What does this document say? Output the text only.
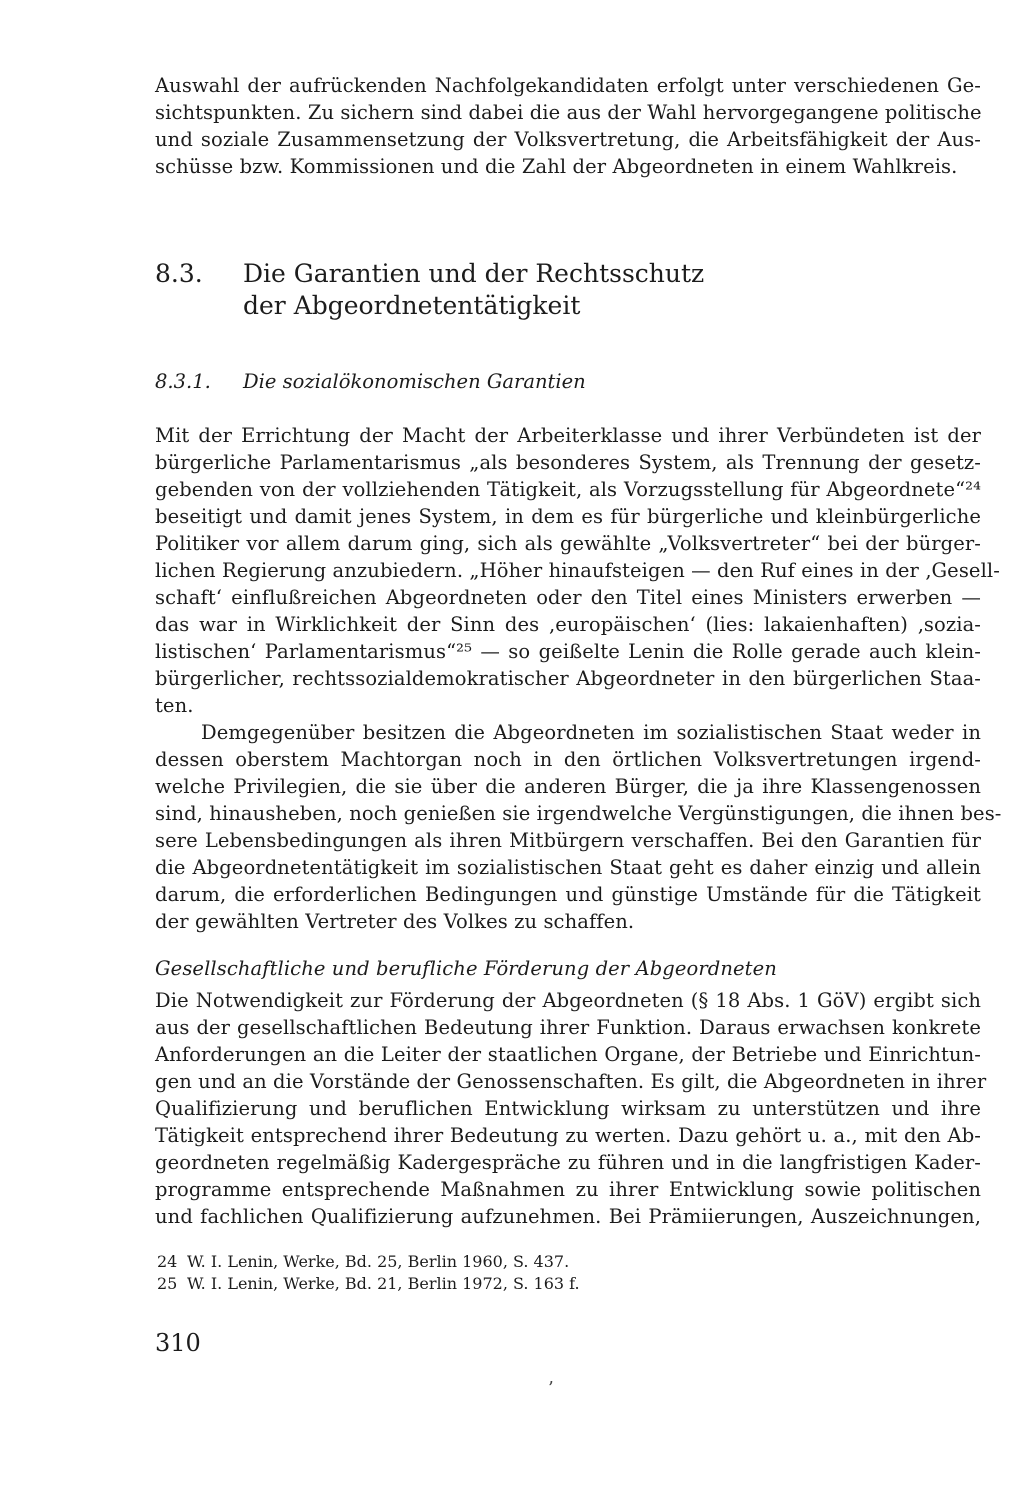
Auswahl der aufrückenden Nachfolgekandidaten erfolgt unter verschiedenen Ge-
sichtspunkten. Zu sichern sind dabei die aus der Wahl hervorgegangene politische
und soziale Zusammensetzung der Volksvertretung, die Arbeitsfähigkeit der Aus-
schüsse bzw. Kommissionen und die Zahl der Abgeordneten in einem Wahlkreis.
8.3. Die Garantien und der Rechtsschutz
der Abgeordnetentätigkeit
8.3.1. Die sozialökonomischen Garantien
Mit der Errichtung der Macht der Arbeiterklasse und ihrer Verbündeten ist der
bürgerliche Parlamentarismus „als besonderes System, als Trennung der gesetz-
gebenden von der vollziehenden Tätigkeit, als Vorzugsstellung für Abgeordnete“²⁴
beseitigt und damit jenes System, in dem es für bürgerliche und kleinbürgerliche
Politiker vor allem darum ging, sich als gewählte „Volksvertreter“ bei der bürger-
lichen Regierung anzubiedern. „Höher hinaufsteigen — den Ruf eines in der ‚Gesell-
schaft‘ einflußreichen Abgeordneten oder den Titel eines Ministers erwerben —
das war in Wirklichkeit der Sinn des ‚europäischen‘ (lies: lakaienhaften) ‚sozia-
listischen‘ Parlamentarismus“²⁵ — so geißelte Lenin die Rolle gerade auch klein-
bürgerlicher, rechtssozialdemokratischer Abgeordneter in den bürgerlichen Staa-
ten.
Demgegenüber besitzen die Abgeordneten im sozialistischen Staat weder in
dessen oberstem Machtorgan noch in den örtlichen Volksvertretungen irgend-
welche Privilegien, die sie über die anderen Bürger, die ja ihre Klassengenossen
sind, hinausheben, noch genießen sie irgendwelche Vergünstigungen, die ihnen bes-
sere Lebensbedingungen als ihren Mitbürgern verschaffen. Bei den Garantien für
die Abgeordnetentätigkeit im sozialistischen Staat geht es daher einzig und allein
darum, die erforderlichen Bedingungen und günstige Umstände für die Tätigkeit
der gewählten Vertreter des Volkes zu schaffen.
Gesellschaftliche und berufliche Förderung der Abgeordneten
Die Notwendigkeit zur Förderung der Abgeordneten (§ 18 Abs. 1 GöV) ergibt sich
aus der gesellschaftlichen Bedeutung ihrer Funktion. Daraus erwachsen konkrete
Anforderungen an die Leiter der staatlichen Organe, der Betriebe und Einrichtun-
gen und an die Vorstände der Genossenschaften. Es gilt, die Abgeordneten in ihrer
Qualifizierung und beruflichen Entwicklung wirksam zu unterstützen und ihre
Tätigkeit entsprechend ihrer Bedeutung zu werten. Dazu gehört u. a., mit den Ab-
geordneten regelmäßig Kadergespräche zu führen und in die langfristigen Kader-
programme entsprechende Maßnahmen zu ihrer Entwicklung sowie politischen
und fachlichen Qualifizierung aufzunehmen. Bei Prämiierungen, Auszeichnungen,
24 W. I. Lenin, Werke, Bd. 25, Berlin 1960, S. 437.
25 W. I. Lenin, Werke, Bd. 21, Berlin 1972, S. 163 f.
310
’
